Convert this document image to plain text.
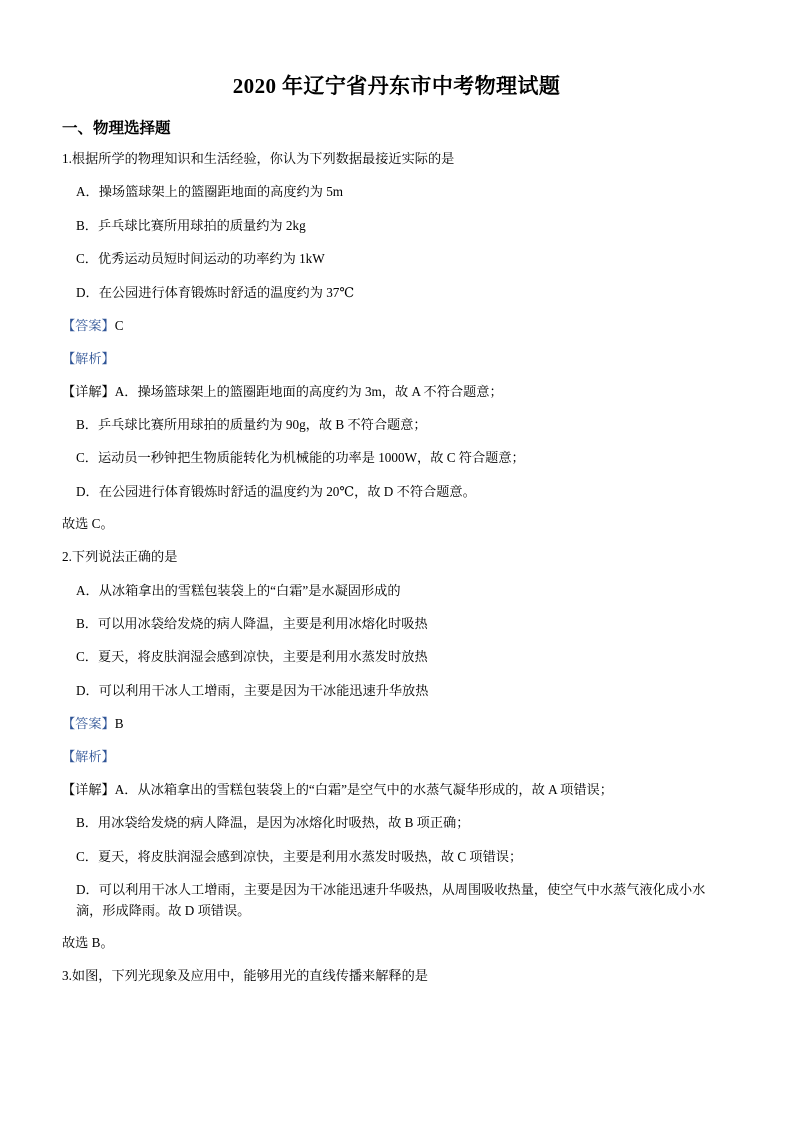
2020 年辽宁省丹东市中考物理试题
一、物理选择题
1.根据所学的物理知识和生活经验，你认为下列数据最接近实际的是
A．操场篮球架上的篮圈距地面的高度约为 5m
B．乒乓球比赛所用球拍的质量约为 2kg
C．优秀运动员短时间运动的功率约为 1kW
D．在公园进行体育锻炼时舒适的温度约为 37℃
【答案】C
【解析】
【详解】A．操场篮球架上的篮圈距地面的高度约为 3m，故 A 不符合题意；
B．乒乓球比赛所用球拍的质量约为 90g，故 B 不符合题意；
C．运动员一秒钟把生物质能转化为机械能的功率是 1000W，故 C 符合题意；
D．在公园进行体育锻炼时舒适的温度约为 20℃，故 D 不符合题意。
故选 C。
2.下列说法正确的是
A．从冰箱拿出的雪糕包装袋上的“白霜”是水凝固形成的
B．可以用冰袋给发烧的病人降温，主要是利用冰熔化时吸热
C．夏天，将皮肤润湿会感到凉快，主要是利用水蒸发时放热
D．可以利用干冰人工增雨，主要是因为干冰能迅速升华放热
【答案】B
【解析】
【详解】A．从冰箱拿出的雪糕包装袋上的“白霜”是空气中的水蒸气凝华形成的，故 A 项错误；
B．用冰袋给发烧的病人降温，是因为冰熔化时吸热，故 B 项正确；
C．夏天，将皮肤润湿会感到凉快，主要是利用水蒸发时吸热，故 C 项错误；
D．可以利用干冰人工增雨，主要是因为干冰能迅速升华吸热，从周围吸收热量，使空气中水蒸气液化成小水滴，形成降雨。故 D 项错误。
故选 B。
3.如图，下列光现象及应用中，能够用光的直线传播来解释的是
